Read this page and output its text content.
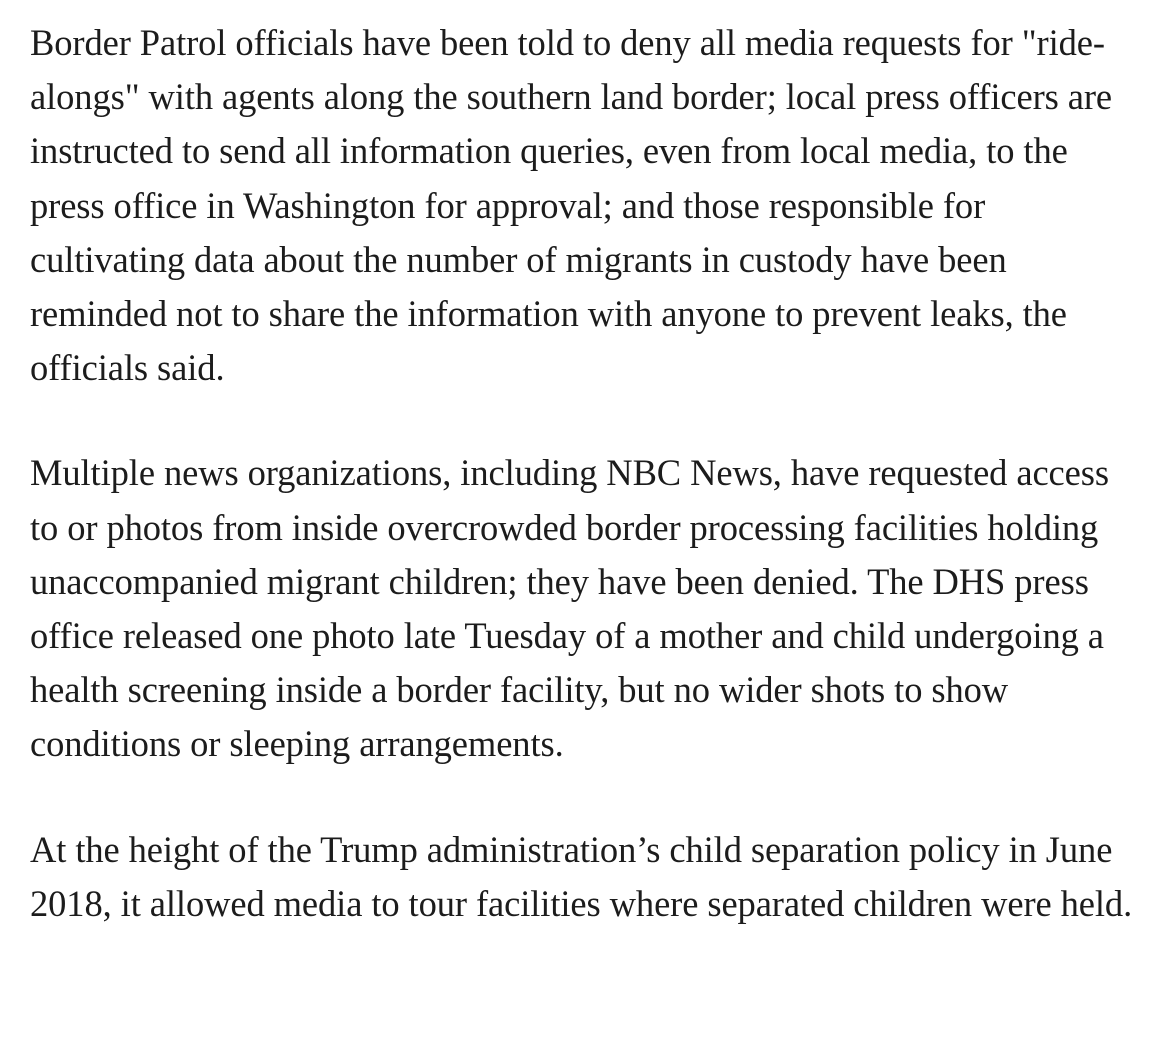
Border Patrol officials have been told to deny all media requests for "ride-alongs" with agents along the southern land border; local press officers are instructed to send all information queries, even from local media, to the press office in Washington for approval; and those responsible for cultivating data about the number of migrants in custody have been reminded not to share the information with anyone to prevent leaks, the officials said.

Multiple news organizations, including NBC News, have requested access to or photos from inside overcrowded border processing facilities holding unaccompanied migrant children; they have been denied. The DHS press office released one photo late Tuesday of a mother and child undergoing a health screening inside a border facility, but no wider shots to show conditions or sleeping arrangements.

At the height of the Trump administration’s child separation policy in June 2018, it allowed media to tour facilities where separated children were held.
